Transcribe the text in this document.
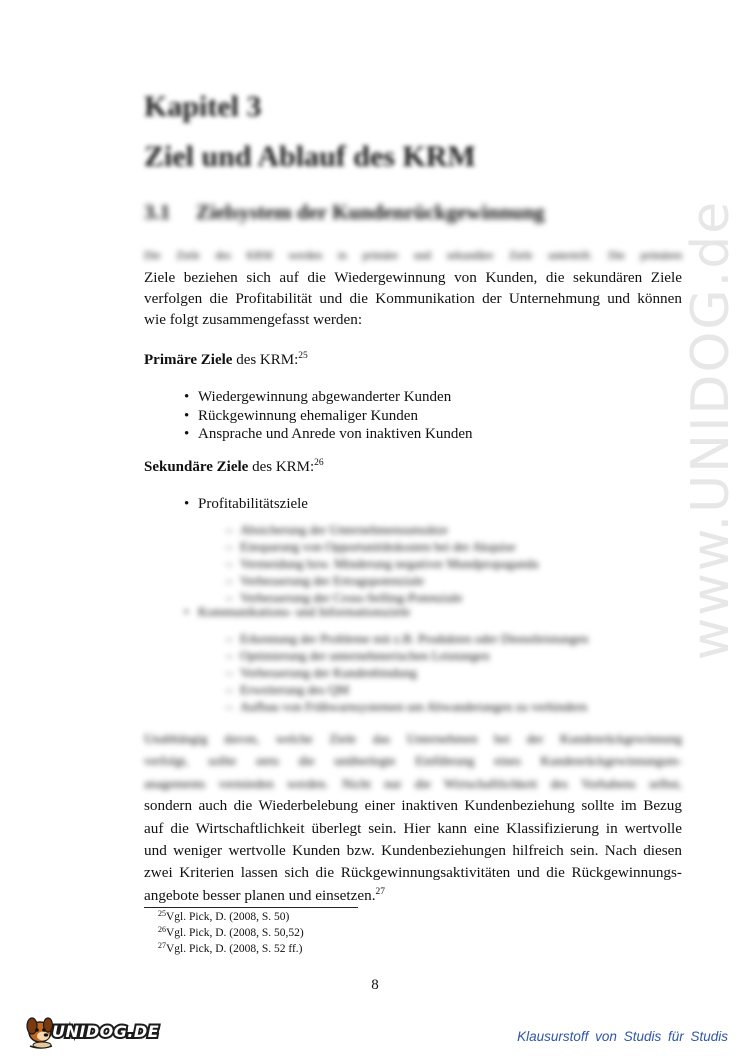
www.UNIDOG.de
Kapitel 3
Ziel und Ablauf des KRM
3.1 Zielsystem der Kundenrückgewinnung
Die Ziele des KRM werden in primäre und sekundäre Ziele unterteilt. Die primären
Ziele beziehen sich auf die Wiedergewinnung von Kunden, die sekundären Ziele
verfolgen die Profitabilität und die Kommunikation der Unternehmung und können
wie folgt zusammengefasst werden:
Primäre Ziele des KRM:$^{25}$
• Wiedergewinnung abgewanderter Kunden
• Rückgewinnung ehemaliger Kunden
• Ansprache und Anrede von inaktiven Kunden
Sekundäre Ziele des KRM:$^{26}$
• Profitabilitätsziele
– Absicherung der Unternehmensumsätze
– Einsparung von Opportunitätskosten bei der Akquise
– Vermeidung bzw. Minderung negativer Mundpropaganda
– Verbesserung der Ertragspotenziale
– Verbesserung der Cross-Selling-Potenziale
• Kommunikations- und Informationsziele
– Erkennung der Probleme mit z.B. Produkten oder Dienstleistungen
– Optimierung der unternehmerischen Leistungen
– Verbesserung der Kundenbindung
– Erweiterung des QM
– Aufbau von Frühwarnsystemen um Abwanderungen zu verhindern
Unabhängig davon, welche Ziele das Unternehmen bei der Kundenrückgewinnung
verfolgt, sollte stets die unüberlegte Einführung eines Kundenrückgewinnungsm-
anagements vermieden werden. Nicht nur die Wirtschaftlichkeit des Vorhabens selbst,
sondern auch die Wiederbelebung einer inaktiven Kundenbeziehung sollte im Bezug
auf die Wirtschaftlichkeit überlegt sein. Hier kann eine Klassifizierung in wertvolle
und weniger wertvolle Kunden bzw. Kundenbeziehungen hilfreich sein. Nach diesen
zwei Kriterien lassen sich die Rückgewinnungsaktivitäten und die Rückgewinnungs-
angebote besser planen und einsetzen.$^{27}$
$^{25}$Vgl. Pick, D. (2008, S. 50)
$^{26}$Vgl. Pick, D. (2008, S. 50,52)
$^{27}$Vgl. Pick, D. (2008, S. 52 ff.)
8
UNIDOG.DE	Klausurstoff von Studis für Studis
